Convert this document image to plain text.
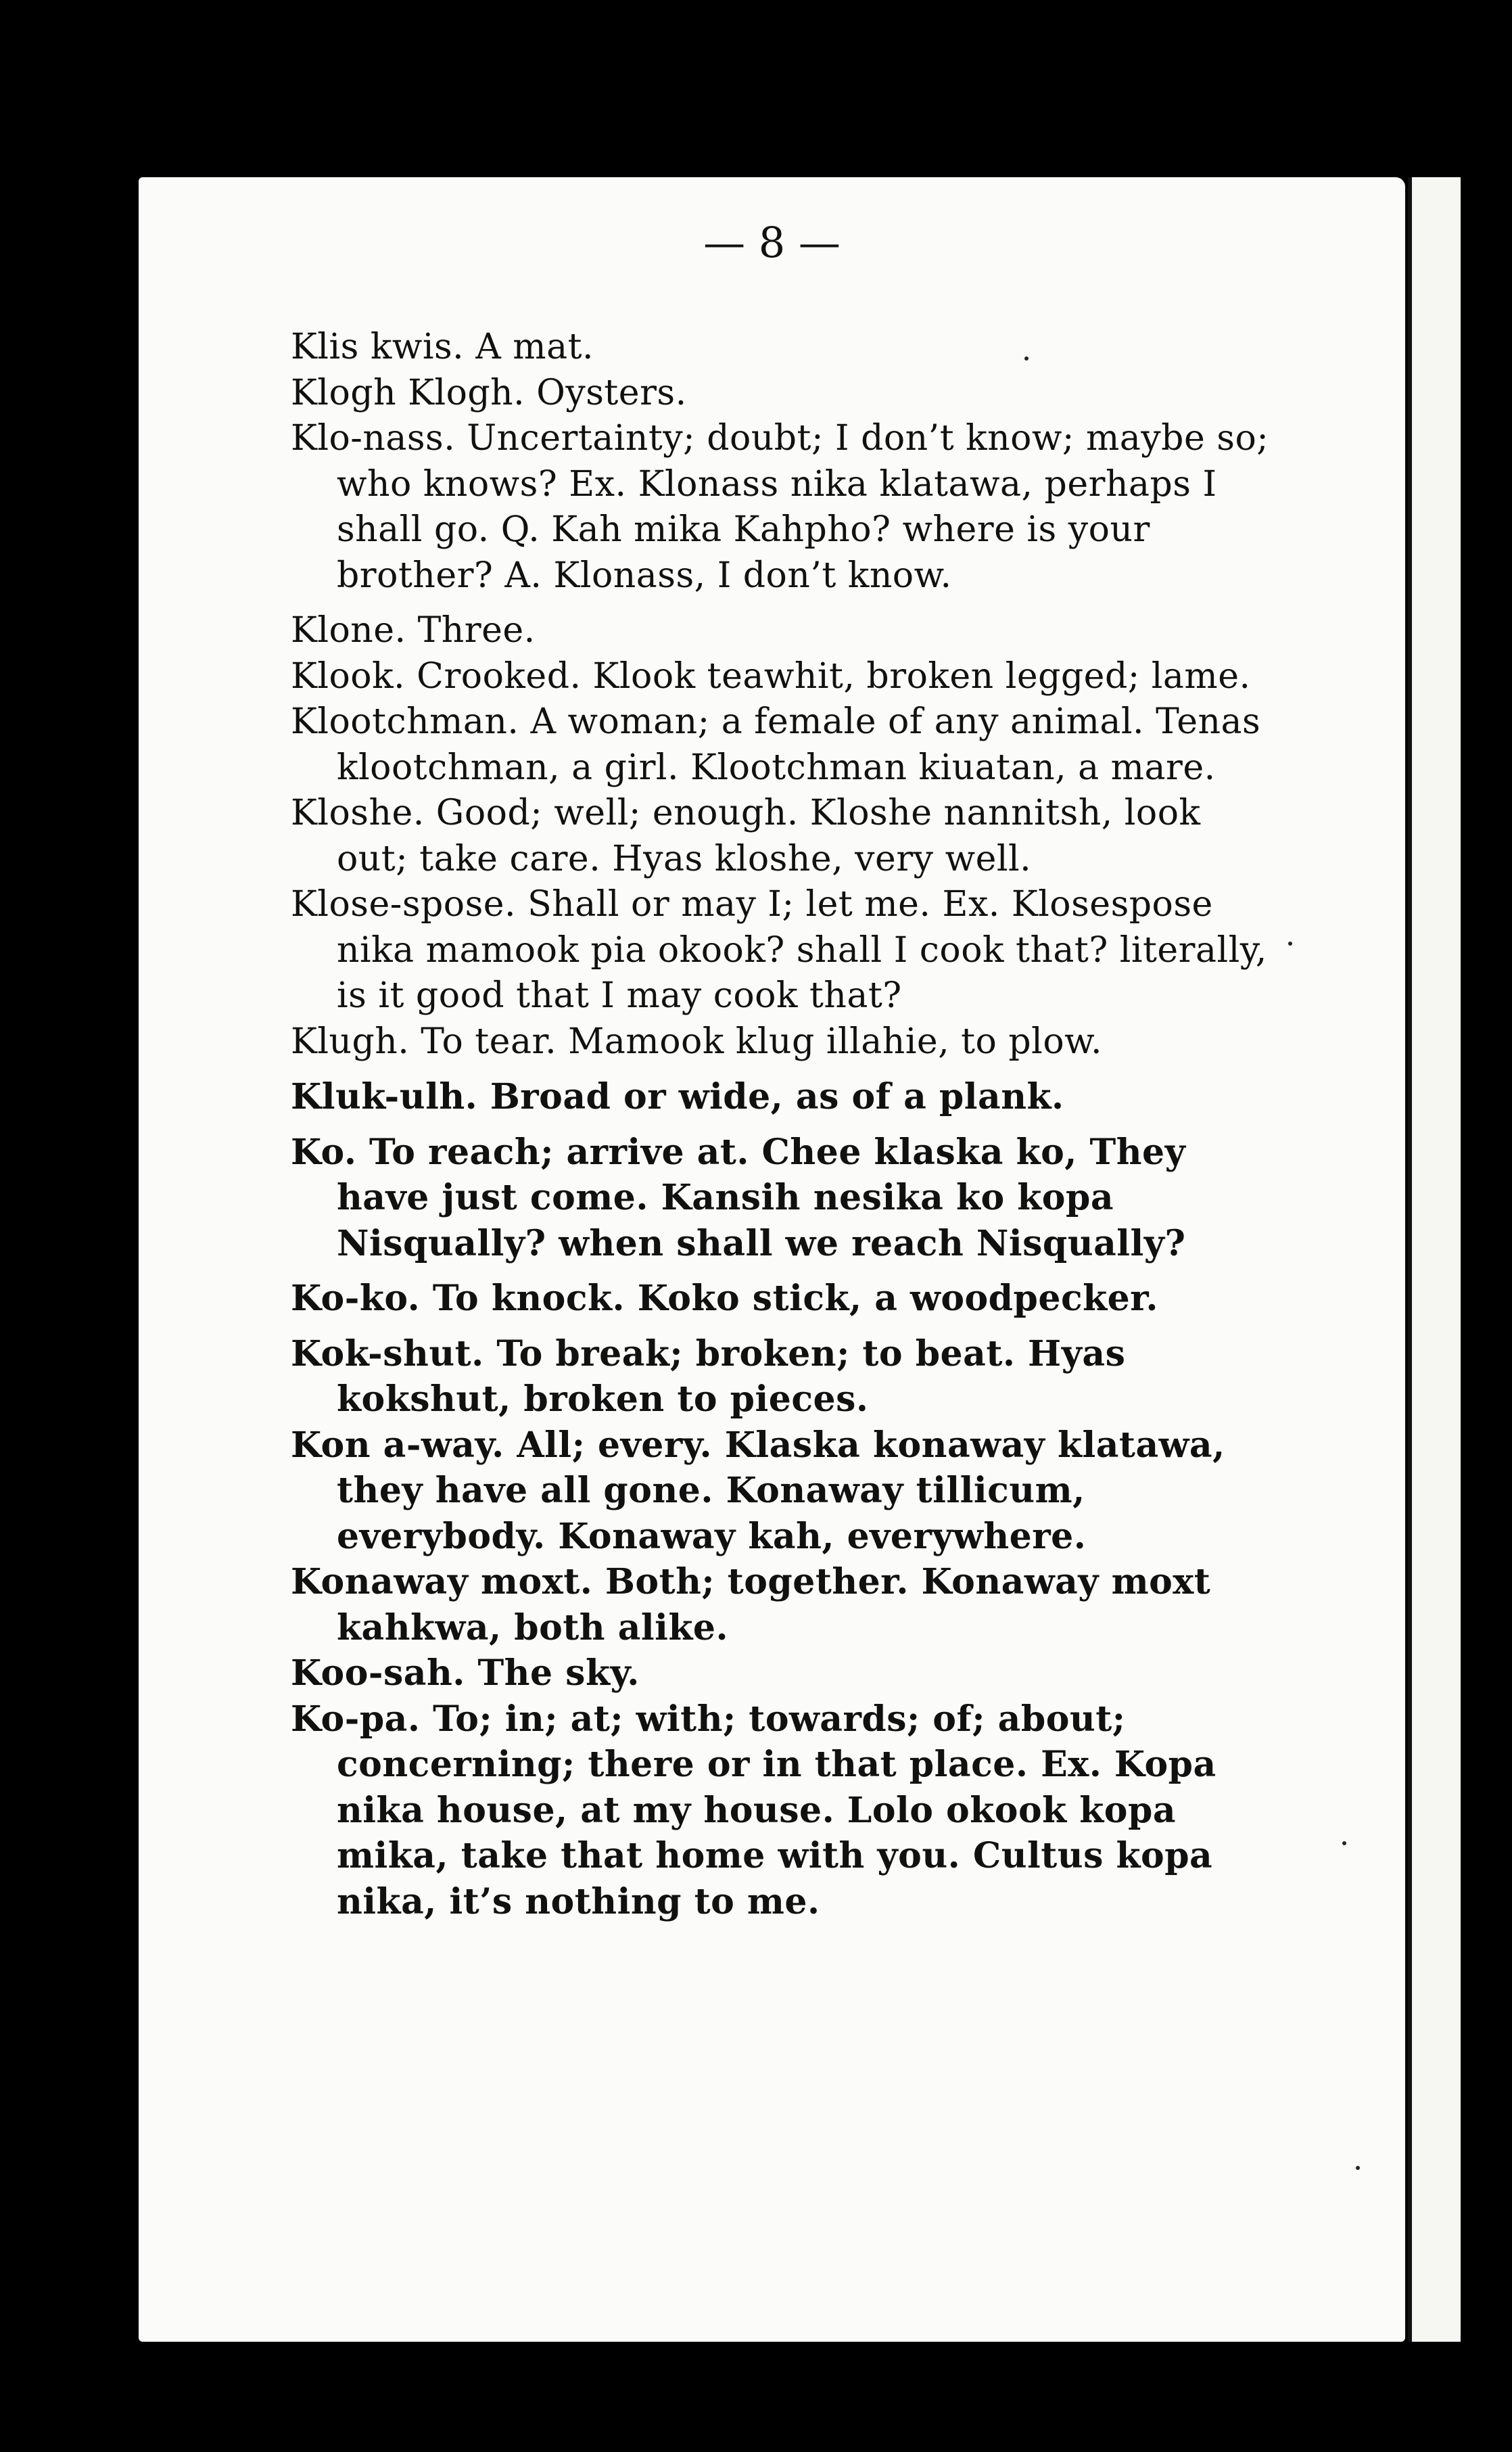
— 8 —

Klis kwis. A mat.

Klogh Klogh. Oysters.

Klo-nass. Uncertainty; doubt; I don’t know; maybe so; who knows? Ex. Klonass nika klatawa, perhaps I shall go. Q. Kah mika Kahpho? where is your brother? A. Klonass, I don’t know.

Klone. Three.

Klook. Crooked. Klook teawhit, broken legged; lame.

Klootchman. A woman; a female of any animal. Tenas klootchman, a girl. Klootchman kiuatan, a mare.

Kloshe. Good; well; enough. Kloshe nannitsh, look out; take care. Hyas kloshe, very well.

Klose-spose. Shall or may I; let me. Ex. Klosespose nika mamook pia okook? shall I cook that? literally, is it good that I may cook that?

Klugh. To tear. Mamook klug illahie, to plow.

Kluk-ulh. Broad or wide, as of a plank.

Ko. To reach; arrive at. Chee klaska ko, They have just come. Kansih nesika ko kopa Nisqually? when shall we reach Nisqually?

Ko-ko. To knock. Koko stick, a woodpecker.

Kok-shut. To break; broken; to beat. Hyas kokshut, broken to pieces.

Kon a-way. All; every. Klaska konaway klatawa, they have all gone. Konaway tillicum, everybody. Konaway kah, everywhere.

Konaway moxt. Both; together. Konaway moxt kahkwa, both alike.

Koo-sah. The sky.

Ko-pa. To; in; at; with; towards; of; about; concerning; there or in that place. Ex. Kopa nika house, at my house. Lolo okook kopa mika, take that home with you. Cultus kopa nika, it’s nothing to me.
